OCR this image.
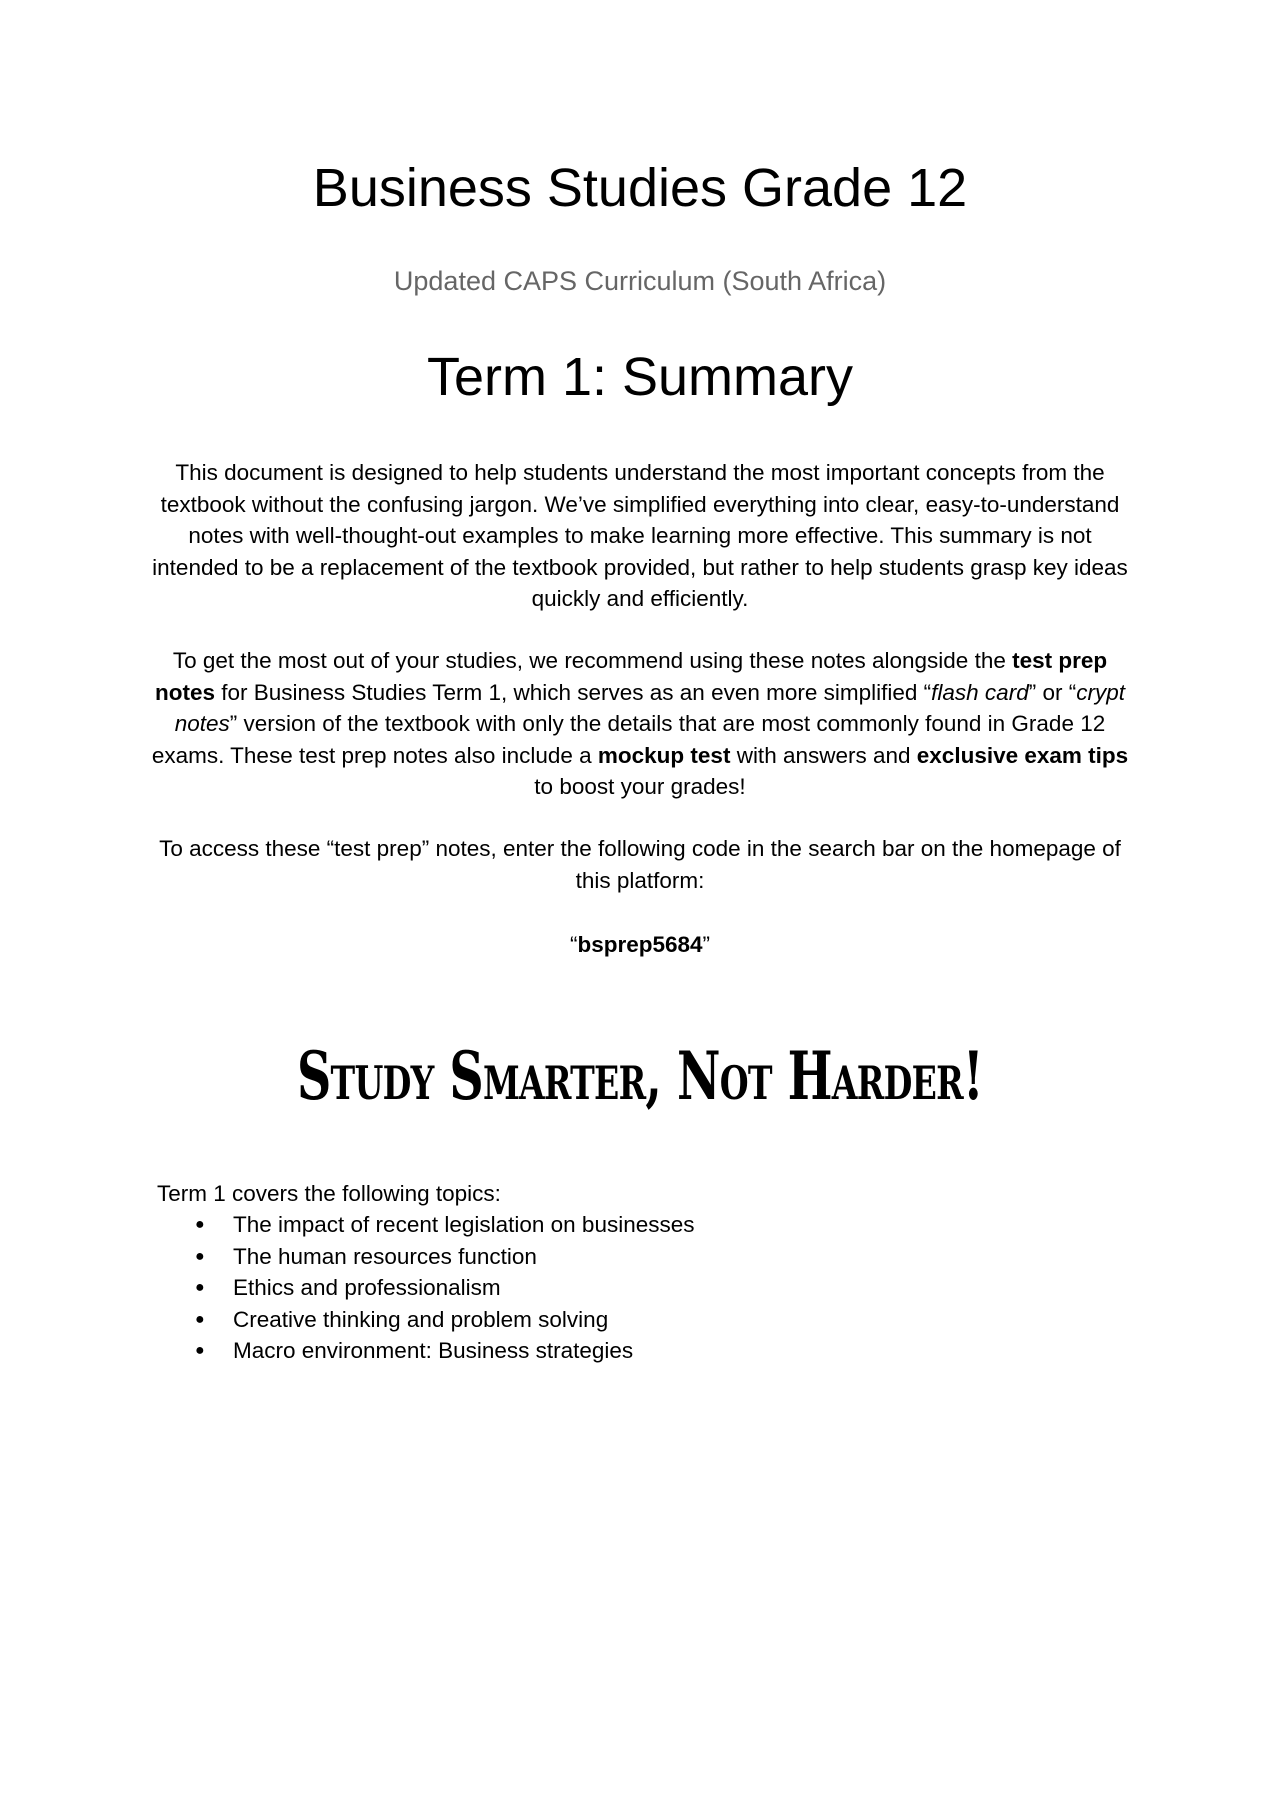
Business Studies Grade 12

Updated CAPS Curriculum (South Africa)

Term 1: Summary

This document is designed to help students understand the most important concepts from the textbook without the confusing jargon. We’ve simplified everything into clear, easy-to-understand notes with well-thought-out examples to make learning more effective. This summary is not intended to be a replacement of the textbook provided, but rather to help students grasp key ideas quickly and efficiently.

To get the most out of your studies, we recommend using these notes alongside the test prep notes for Business Studies Term 1, which serves as an even more simplified “flash card” or “crypt notes” version of the textbook with only the details that are most commonly found in Grade 12 exams. These test prep notes also include a mockup test with answers and exclusive exam tips to boost your grades!

To access these “test prep” notes, enter the following code in the search bar on the homepage of this platform:

“bsprep5684”

Study Smarter, Not Harder!

Term 1 covers the following topics:

● The impact of recent legislation on businesses
● The human resources function
● Ethics and professionalism
● Creative thinking and problem solving
● Macro environment: Business strategies
